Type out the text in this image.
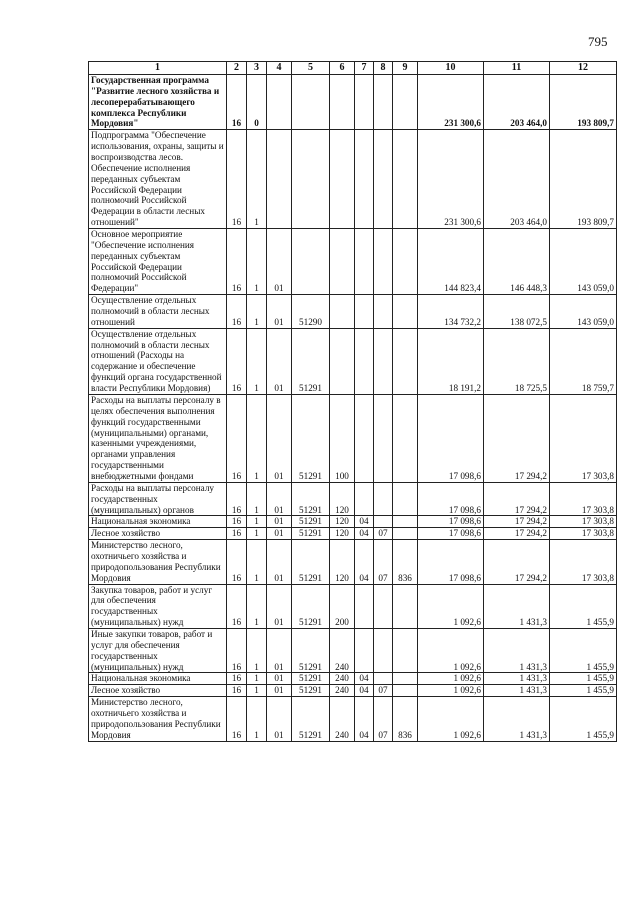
795
1	2	3	4	5	6	7	8	9	10	11	12
Государственная программа "Развитие лесного хозяйства и лесоперерабатывающего комплекса Республики Мордовия"	16	0							231 300,6	203 464,0	193 809,7
Подпрограмма "Обеспечение использования, охраны, защиты и воспроизводства лесов. Обеспечение исполнения переданных субъектам Российской Федерации полномочий Российской Федерации в области лесных отношений"	16	1							231 300,6	203 464,0	193 809,7
Основное мероприятие "Обеспечение исполнения переданных субъектам Российской Федерации полномочий Российской Федерации"	16	1	01						144 823,4	146 448,3	143 059,0
Осуществление отдельных полномочий в области лесных отношений	16	1	01	51290					134 732,2	138 072,5	143 059,0
Осуществление отдельных полномочий в области лесных отношений (Расходы на содержание и обеспечение функций органа государственной власти Республики Мордовия)	16	1	01	51291					18 191,2	18 725,5	18 759,7
Расходы на выплаты персоналу в целях обеспечения выполнения функций государственными (муниципальными) органами, казенными учреждениями, органами управления государственными внебюджетными фондами	16	1	01	51291	100				17 098,6	17 294,2	17 303,8
Расходы на выплаты персоналу государственных (муниципальных) органов	16	1	01	51291	120				17 098,6	17 294,2	17 303,8
Национальная экономика	16	1	01	51291	120	04			17 098,6	17 294,2	17 303,8
Лесное хозяйство	16	1	01	51291	120	04	07		17 098,6	17 294,2	17 303,8
Министерство лесного, охотничьего хозяйства и природопользования Республики Мордовия	16	1	01	51291	120	04	07	836	17 098,6	17 294,2	17 303,8
Закупка товаров, работ и услуг для обеспечения государственных (муниципальных) нужд	16	1	01	51291	200				1 092,6	1 431,3	1 455,9
Иные закупки товаров, работ и услуг для обеспечения государственных (муниципальных) нужд	16	1	01	51291	240				1 092,6	1 431,3	1 455,9
Национальная экономика	16	1	01	51291	240	04			1 092,6	1 431,3	1 455,9
Лесное хозяйство	16	1	01	51291	240	04	07		1 092,6	1 431,3	1 455,9
Министерство лесного, охотничьего хозяйства и природопользования Республики Мордовия	16	1	01	51291	240	04	07	836	1 092,6	1 431,3	1 455,9
